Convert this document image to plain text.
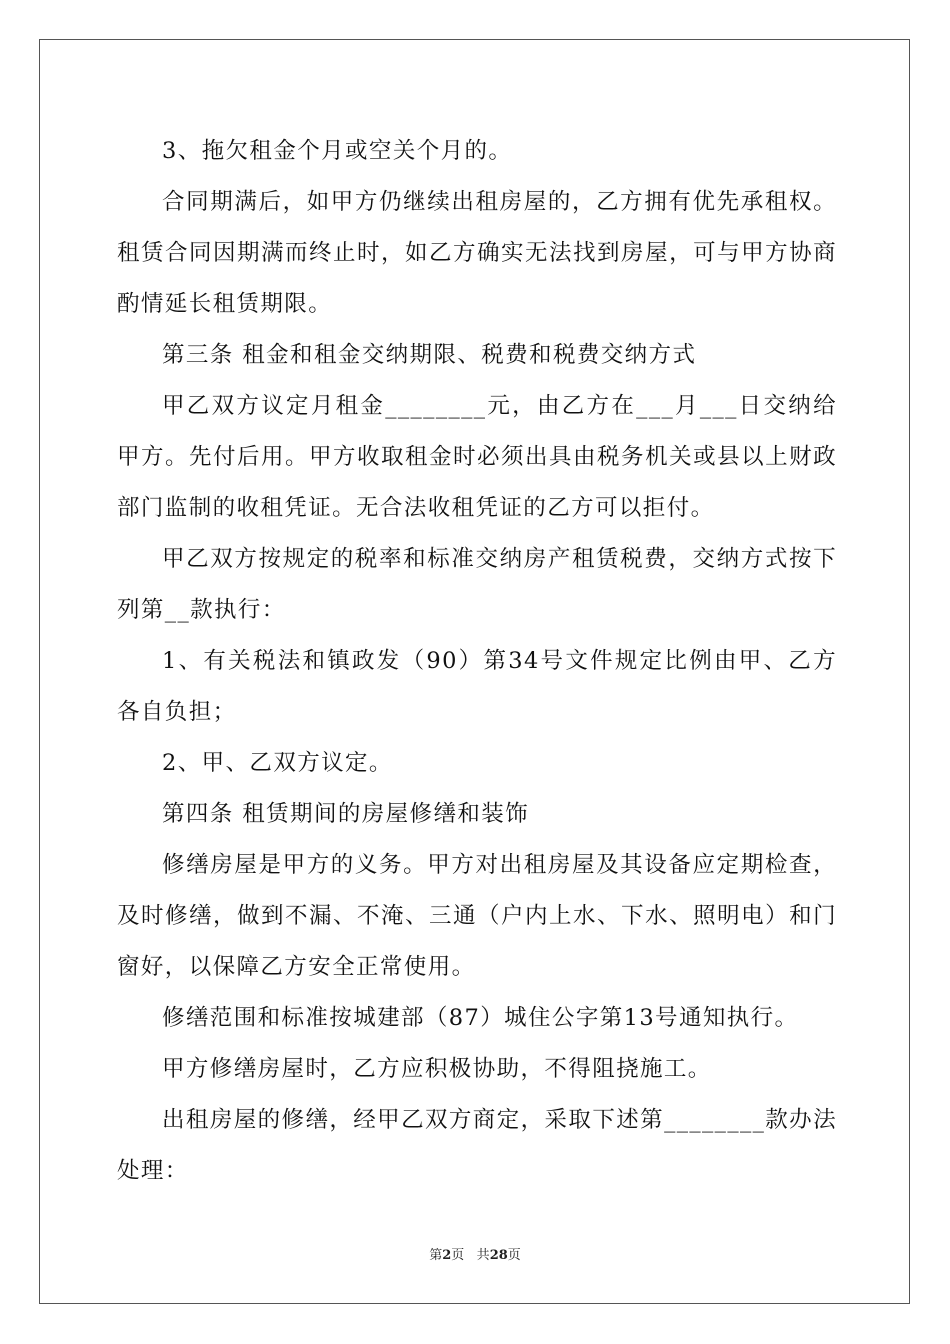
3、拖欠租金个月或空关个月的。

合同期满后，如甲方仍继续出租房屋的，乙方拥有优先承租权。租赁合同因期满而终止时，如乙方确实无法找到房屋，可与甲方协商酌情延长租赁期限。

第三条 租金和租金交纳期限、税费和税费交纳方式

甲乙双方议定月租金________元，由乙方在___月___日交纳给甲方。先付后用。甲方收取租金时必须出具由税务机关或县以上财政部门监制的收租凭证。无合法收租凭证的乙方可以拒付。

甲乙双方按规定的税率和标准交纳房产租赁税费，交纳方式按下列第__款执行：

1、有关税法和镇政发（90）第34号文件规定比例由甲、乙方各自负担；

2、甲、乙双方议定。

第四条 租赁期间的房屋修缮和装饰

修缮房屋是甲方的义务。甲方对出租房屋及其设备应定期检查，及时修缮，做到不漏、不淹、三通（户内上水、下水、照明电）和门窗好，以保障乙方安全正常使用。

修缮范围和标准按城建部（87）城住公字第13号通知执行。

甲方修缮房屋时，乙方应积极协助，不得阻挠施工。

出租房屋的修缮，经甲乙双方商定，采取下述第________款办法处理：

第2页 共28页
